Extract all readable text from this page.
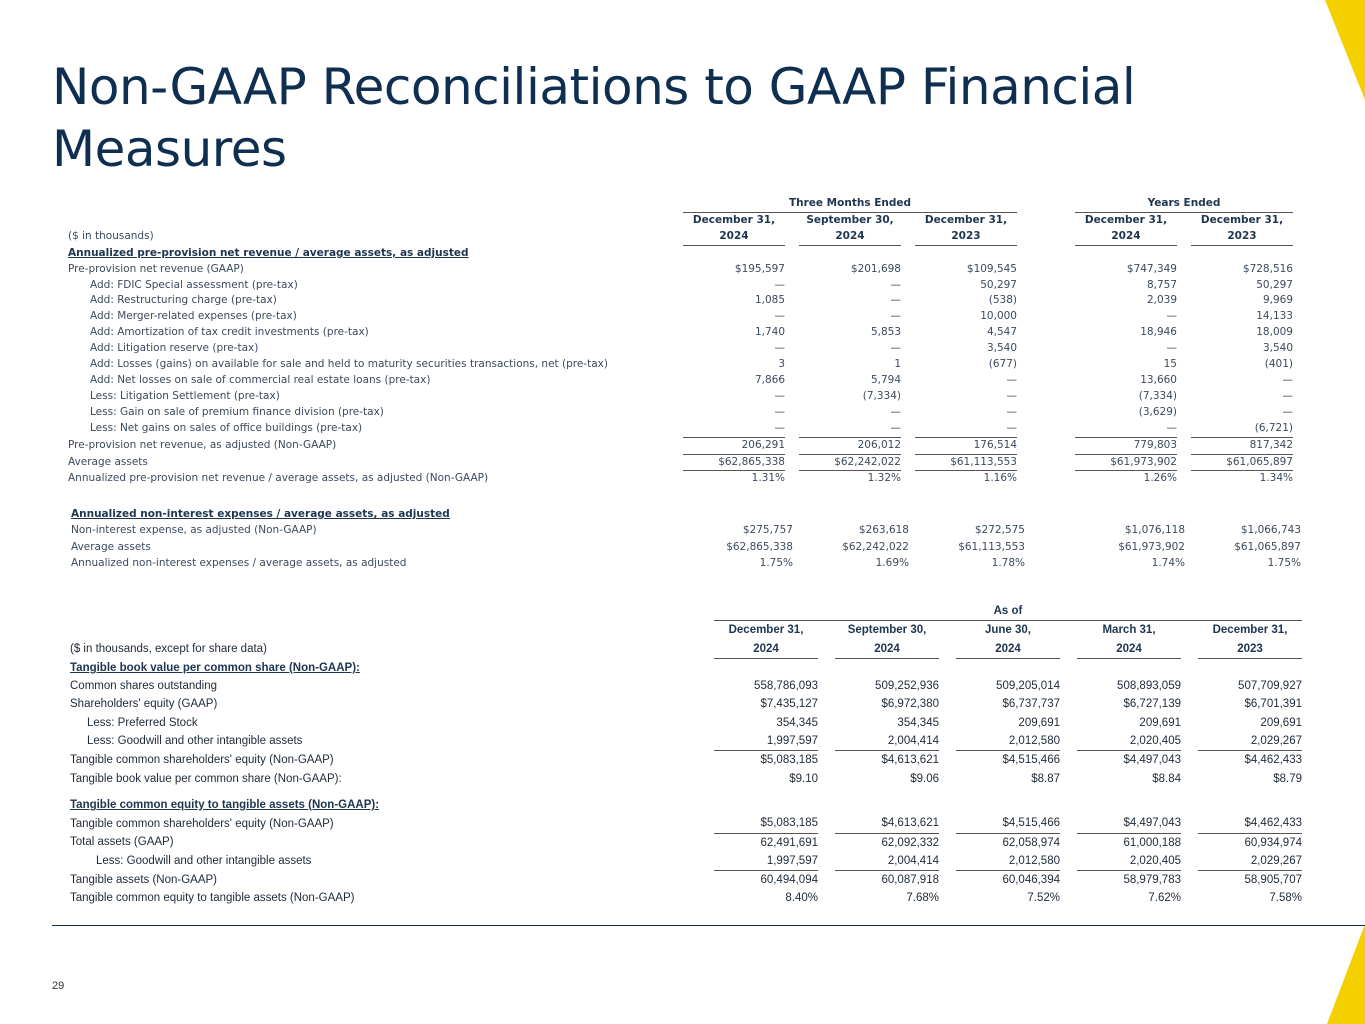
Non-GAAP Reconciliations to GAAP Financial Measures
	Three Months Ended						Years Ended		
	December 31,		September 30,		December 31,		December 31,		December 31,
($ in thousands)	2024		2024		2023		2024		2023
Annualized pre-provision net revenue / average assets, as adjusted									
Pre-provision net revenue (GAAP)	$195,597		$201,698		$109,545		$747,349		$728,516
Add: FDIC Special assessment (pre-tax)	—		—		50,297		8,757		50,297
Add: Restructuring charge (pre-tax)	1,085		—		(538)		2,039		9,969
Add: Merger-related expenses (pre-tax)	—		—		10,000		—		14,133
Add: Amortization of tax credit investments (pre-tax)	1,740		5,853		4,547		18,946		18,009
Add: Litigation reserve (pre-tax)	—		—		3,540		—		3,540
Add: Losses (gains) on available for sale and held to maturity securities transactions, net (pre-tax)	3		1		(677)		15		(401)
Add: Net losses on sale of commercial real estate loans (pre-tax)	7,866		5,794		—		13,660		—
Less: Litigation Settlement (pre-tax)	—		(7,334)		—		(7,334)		—
Less: Gain on sale of premium finance division (pre-tax)	—		—		—		(3,629)		—
Less: Net gains on sales of office buildings (pre-tax)	—		—		—		—		(6,721)
Pre-provision net revenue, as adjusted (Non-GAAP)	206,291		206,012		176,514		779,803		817,342
Average assets	$62,865,338		$62,242,022		$61,113,553		$61,973,902		$61,065,897
Annualized pre-provision net revenue / average assets, as adjusted (Non-GAAP)	1.31%		1.32%		1.16%		1.26%		1.34%
Annualized non-interest expenses / average assets, as adjusted									
Non-interest expense, as adjusted (Non-GAAP)	$275,757		$263,618		$272,575		$1,076,118		$1,066,743
Average assets	$62,865,338		$62,242,022		$61,113,553		$61,973,902		$61,065,897
Annualized non-interest expenses / average assets, as adjusted	1.75%		1.69%		1.78%		1.74%		1.75%
	As of								
	December 31,		September 30,		June 30,		March 31,		December 31,
($ in thousands, except for share data)	2024		2024		2024		2024		2023
Tangible book value per common share (Non-GAAP):									
Common shares outstanding	558,786,093		509,252,936		509,205,014		508,893,059		507,709,927
Shareholders' equity (GAAP)	$7,435,127		$6,972,380		$6,737,737		$6,727,139		$6,701,391
Less: Preferred Stock	354,345		354,345		209,691		209,691		209,691
Less: Goodwill and other intangible assets	1,997,597		2,004,414		2,012,580		2,020,405		2,029,267
Tangible common shareholders' equity (Non-GAAP)	$5,083,185		$4,613,621		$4,515,466		$4,497,043		$4,462,433
Tangible book value per common share (Non-GAAP):	$9.10		$9.06		$8.87		$8.84		$8.79

Tangible common equity to tangible assets (Non-GAAP):									
Tangible common shareholders' equity (Non-GAAP)	$5,083,185		$4,613,621		$4,515,466		$4,497,043		$4,462,433
Total assets (GAAP)	62,491,691		62,092,332		62,058,974		61,000,188		60,934,974
Less: Goodwill and other intangible assets	1,997,597		2,004,414		2,012,580		2,020,405		2,029,267
Tangible assets (Non-GAAP)	60,494,094		60,087,918		60,046,394		58,979,783		58,905,707
Tangible common equity to tangible assets (Non-GAAP)	8.40%		7.68%		7.52%		7.62%		7.58%
29
